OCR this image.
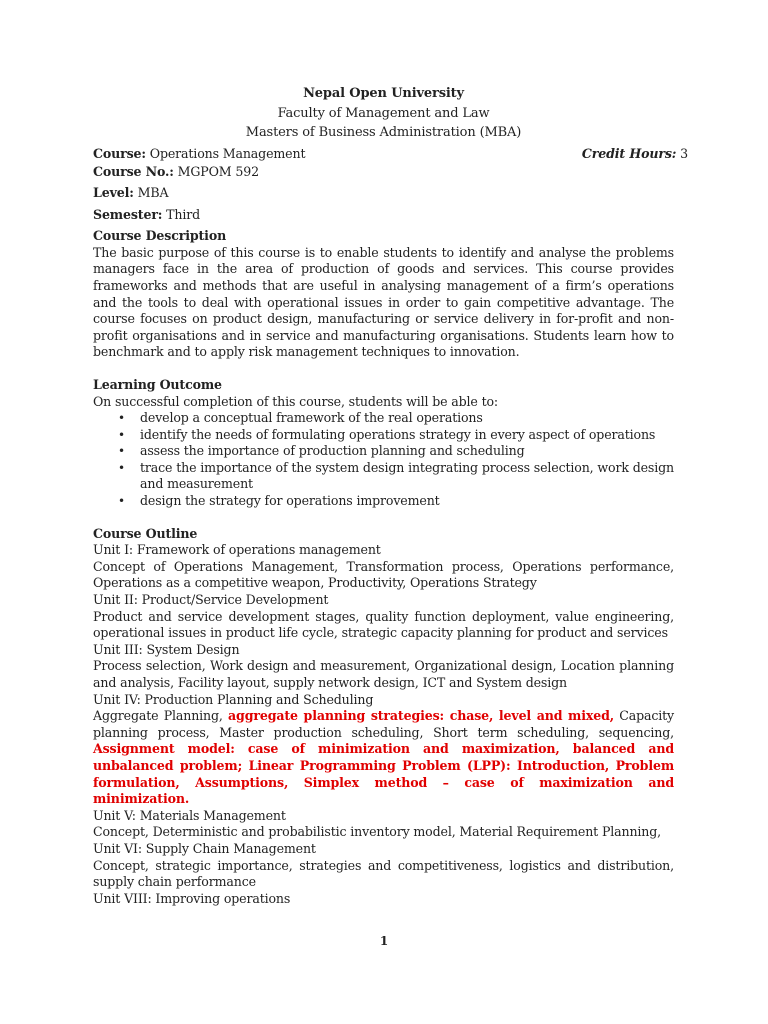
Nepal Open University
Faculty of Management and Law
Masters of Business Administration (MBA)
Course: Operations Management	Credit Hours: 3
Course No.: MGPOM 592
Level: MBA
Semester: Third
Course Description
The basic purpose of this course is to enable students to identify and analyse the problems managers face in the area of production of goods and services. This course provides frameworks and methods that are useful in analysing management of a firm’s operations and the tools to deal with operational issues in order to gain competitive advantage. The course focuses on product design, manufacturing or service delivery in for-profit and non-profit organisations and in service and manufacturing organisations. Students learn how to benchmark and to apply risk management techniques to innovation.
Learning Outcome
On successful completion of this course, students will be able to:
• develop a conceptual framework of the real operations
• identify the needs of formulating operations strategy in every aspect of operations
• assess the importance of production planning and scheduling
• trace the importance of the system design integrating process selection, work design and measurement
• design the strategy for operations improvement
Course Outline
Unit I: Framework of operations management
Concept of Operations Management, Transformation process, Operations performance, Operations as a competitive weapon, Productivity, Operations Strategy
Unit II: Product/Service Development
Product and service development stages, quality function deployment, value engineering, operational issues in product life cycle, strategic capacity planning for product and services
Unit III: System Design
Process selection, Work design and measurement, Organizational design, Location planning and analysis, Facility layout, supply network design, ICT and System design
Unit IV: Production Planning and Scheduling
Aggregate Planning, aggregate planning strategies: chase, level and mixed, Capacity planning process, Master production scheduling, Short term scheduling, sequencing, Assignment model: case of minimization and maximization, balanced and unbalanced problem; Linear Programming Problem (LPP): Introduction, Problem formulation, Assumptions, Simplex method – case of maximization and minimization.
Unit V: Materials Management
Concept, Deterministic and probabilistic inventory model, Material Requirement Planning,
Unit VI: Supply Chain Management
Concept, strategic importance, strategies and competitiveness, logistics and distribution, supply chain performance
Unit VIII: Improving operations
1
